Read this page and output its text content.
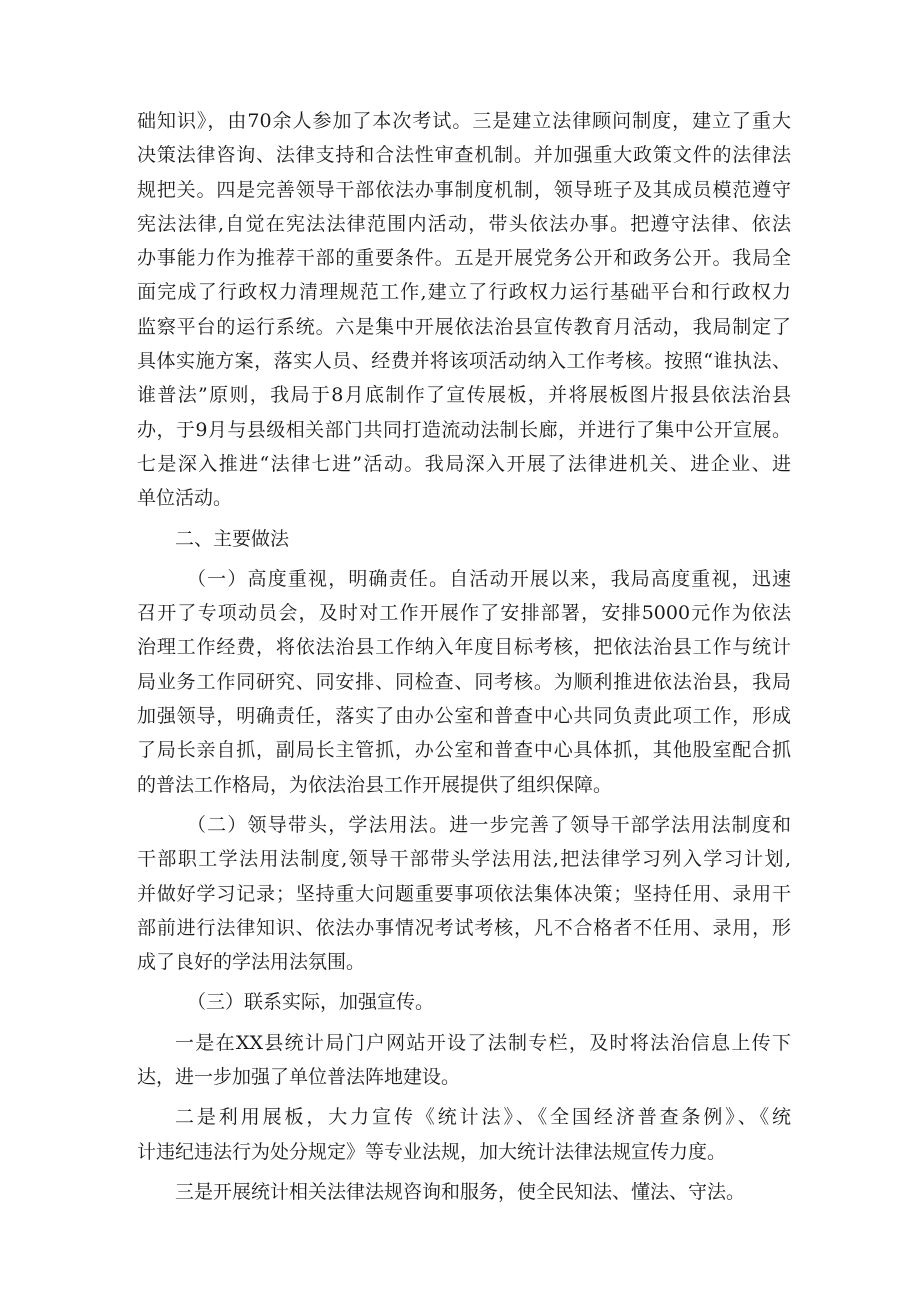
础知识》，由70余人参加了本次考试。三是建立法律顾问制度，建立了重大
决策法律咨询、法律支持和合法性审查机制。并加强重大政策文件的法律法
规把关。四是完善领导干部依法办事制度机制，领导班子及其成员模范遵守
宪法法律,自觉在宪法法律范围内活动，带头依法办事。把遵守法律、依法
办事能力作为推荐干部的重要条件。五是开展党务公开和政务公开。我局全
面完成了行政权力清理规范工作,建立了行政权力运行基础平台和行政权力
监察平台的运行系统。六是集中开展依法治县宣传教育月活动，我局制定了
具体实施方案，落实人员、经费并将该项活动纳入工作考核。按照“谁执法、
谁普法”原则，我局于8月底制作了宣传展板，并将展板图片报县依法治县
办，于9月与县级相关部门共同打造流动法制长廊，并进行了集中公开宣展。
七是深入推进“法律七进”活动。我局深入开展了法律进机关、进企业、进
单位活动。
二、主要做法
（一）高度重视，明确责任。自活动开展以来，我局高度重视，迅速
召开了专项动员会，及时对工作开展作了安排部署，安排5000元作为依法
治理工作经费，将依法治县工作纳入年度目标考核，把依法治县工作与统计
局业务工作同研究、同安排、同检查、同考核。为顺利推进依法治县，我局
加强领导，明确责任，落实了由办公室和普查中心共同负责此项工作，形成
了局长亲自抓，副局长主管抓，办公室和普查中心具体抓，其他股室配合抓
的普法工作格局，为依法治县工作开展提供了组织保障。
（二）领导带头，学法用法。进一步完善了领导干部学法用法制度和
干部职工学法用法制度,领导干部带头学法用法,把法律学习列入学习计划,
并做好学习记录；坚持重大问题重要事项依法集体决策；坚持任用、录用干
部前进行法律知识、依法办事情况考试考核，凡不合格者不任用、录用，形
成了良好的学法用法氛围。
（三）联系实际，加强宣传。
一是在XX县统计局门户网站开设了法制专栏，及时将法治信息上传下
达，进一步加强了单位普法阵地建设。
二是利用展板，大力宣传《统计法》、《全国经济普查条例》、《统
计违纪违法行为处分规定》等专业法规，加大统计法律法规宣传力度。
三是开展统计相关法律法规咨询和服务，使全民知法、懂法、守法。
